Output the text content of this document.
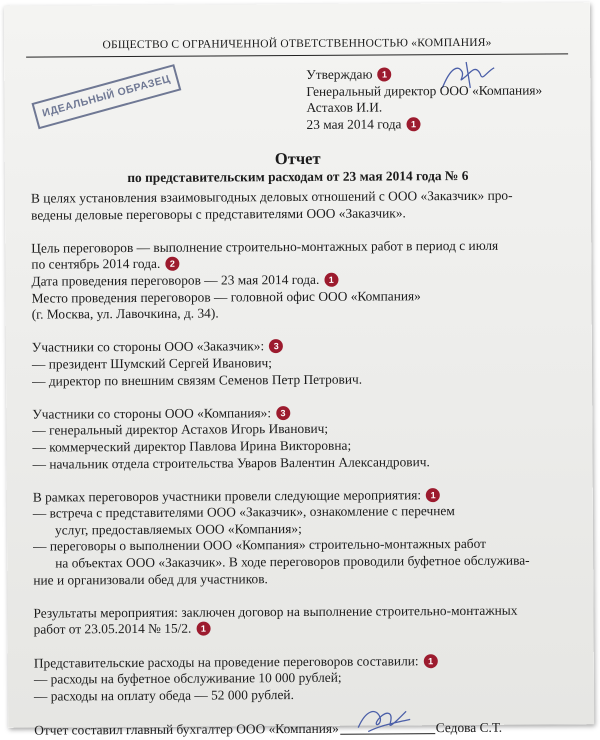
ОБЩЕСТВО С ОГРАНИЧЕННОЙ ОТВЕТСТВЕННОСТЬЮ «КОМПАНИЯ»
ИДЕАЛЬНЫЙ ОБРАЗЕЦ	Утверждаю 1
Генеральный директор ООО «Компания»
Астахов И.И.
23 мая 2014 года 1
Отчет
по представительским расходам от 23 мая 2014 года № 6
В целях установления взаимовыгодных деловых отношений с ООО «Заказчик» про-
ведены деловые переговоры с представителями ООО «Заказчик».
Цель переговоров — выполнение строительно-монтажных работ в период с июля
по сентябрь 2014 года. 2
Дата проведения переговоров — 23 мая 2014 года. 1
Место проведения переговоров — головной офис ООО «Компания»
(г. Москва, ул. Лавочкина, д. 34).
Участники со стороны ООО «Заказчик»: 3
— президент Шумский Сергей Иванович;
— директор по внешним связям Семенов Петр Петрович.
Участники со стороны ООО «Компания»: 3
— генеральный директор Астахов Игорь Иванович;
— коммерческий директор Павлова Ирина Викторовна;
— начальник отдела строительства Уваров Валентин Александрович.
В рамках переговоров участники провели следующие мероприятия: 1
— встреча с представителями ООО «Заказчик», ознакомление с перечнем
услуг, предоставляемых ООО «Компания»;
— переговоры о выполнении ООО «Компания» строительно-монтажных работ
на объектах ООО «Заказчик». В ходе переговоров проводили буфетное обслужива-
ние и организовали обед для участников.
Результаты мероприятия: заключен договор на выполнение строительно-монтажных
работ от 23.05.2014 № 15/2. 1
Представительские расходы на проведение переговоров составили: 1
— расходы на буфетное обслуживание 10 000 рублей;
— расходы на оплату обеда — 52 000 рублей.
Отчет составил главный бухгалтер ООО «Компания»	Седова С.Т.
